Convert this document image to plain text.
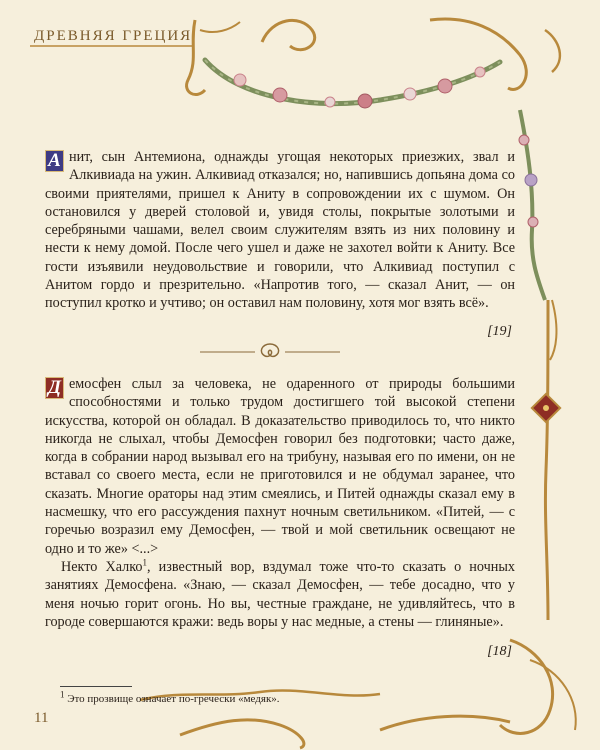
ДРЕВНЯЯ ГРЕЦИЯ

А нит, сын Антемиона, однажды угощая некоторых приезжих, звал и Алкивиада на ужин. Алкивиад отказался; но, напившись допьяна дома со своими приятелями, пришел к Аниту в сопровождении их с шумом. Он остановился у дверей столовой и, увидя столы, покрытые золотыми и серебряными чашами, велел своим служителям взять из них половину и нести к нему домой. После чего ушел и даже не захотел войти к Аниту. Все гости изъявили неудовольствие и говорили, что Алкивиад поступил с Анитом гордо и презрительно. «Напротив того, — сказал Анит, — он поступил кротко и учтиво; он оставил нам половину, хотя мог взять всё».

[19]

Д емосфен слыл за человека, не одаренного от природы большими способностями и только трудом достигшего той высокой степени искусства, которой он обладал. В доказательство приводилось то, что никто никогда не слыхал, чтобы Демосфен говорил без подготовки; часто даже, когда в собрании народ вызывал его на трибуну, называя его по имени, он не вставал со своего места, если не приготовился и не обдумал заранее, что сказать. Многие ораторы над этим смеялись, и Питей однажды сказал ему в насмешку, что его рассуждения пахнут ночным светильником. «Питей, — с горечью возразил ему Демосфен, — твой и мой светильник освещают не одно и то же» <...>

Некто Халко$^1$, известный вор, вздумал тоже что-то сказать о ночных занятиях Демосфена. «Знаю, — сказал Демосфен, — тебе досадно, что у меня ночью горит огонь. Но вы, честные граждане, не удивляйтесь, что в городе совершаются кражи: ведь воры у нас медные, а стены — глиняные».

[18]
$^1$ Это прозвище означает по-гречески «медяк».
11
